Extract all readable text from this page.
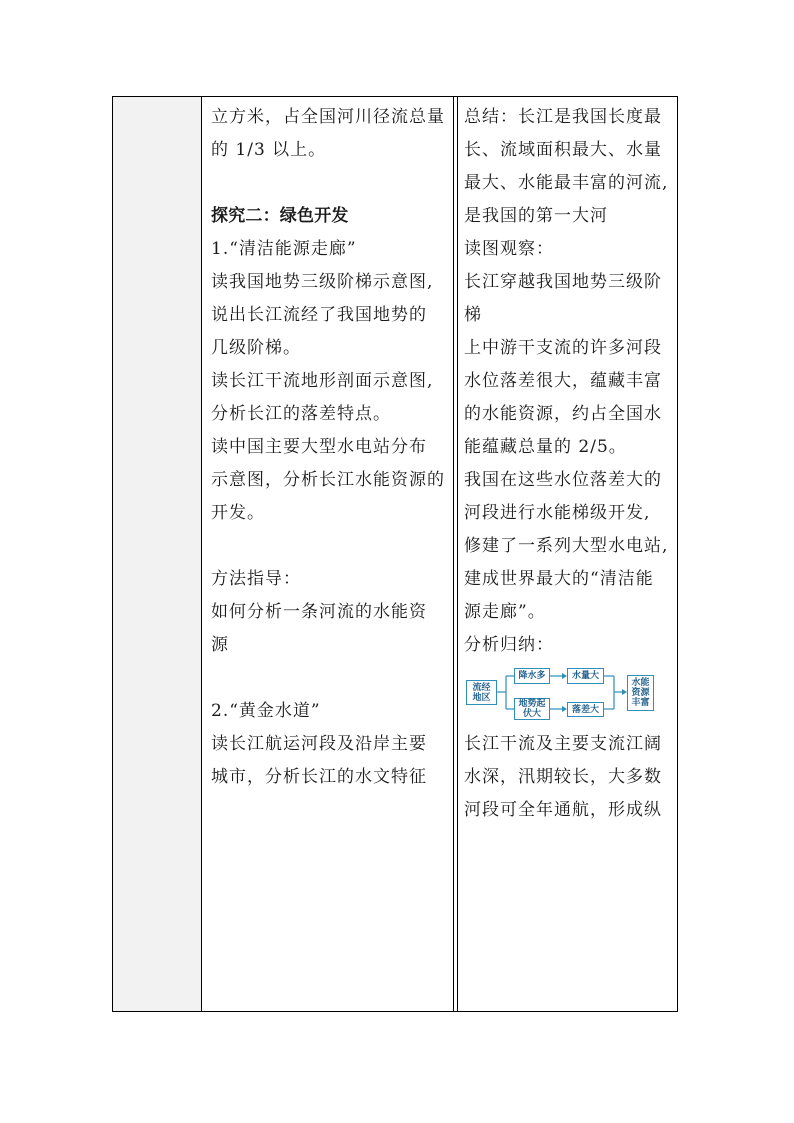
立方米，占全国河川径流总量
的 1/3 以上。
探究二：绿色开发
1.“清洁能源走廊”
读我国地势三级阶梯示意图,
说出长江流经了我国地势的
几级阶梯。
读长江干流地形剖面示意图,
分析长江的落差特点。
读中国主要大型水电站分布
示意图，分析长江水能资源的
开发。
方法指导：
如何分析一条河流的水能资
源
2.“黄金水道”
读长江航运河段及沿岸主要
城市，分析长江的水文特征
总结：长江是我国长度最
长、流域面积最大、水量
最大、水能最丰富的河流,
是我国的第一大河
读图观察：
长江穿越我国地势三级阶
梯
上中游干支流的许多河段
水位落差很大，蕴藏丰富
的水能资源，约占全国水
能蕴藏总量的 2/5。
我国在这些水位落差大的
河段进行水能梯级开发,
修建了一系列大型水电站,
建成世界最大的“清洁能
源走廊”。
分析归纳：
流经
地区
降水多	水量大
地势起
伏大	落差大
水能
资源
丰富
长江干流及主要支流江阔
水深，汛期较长，大多数
河段可全年通航，形成纵
